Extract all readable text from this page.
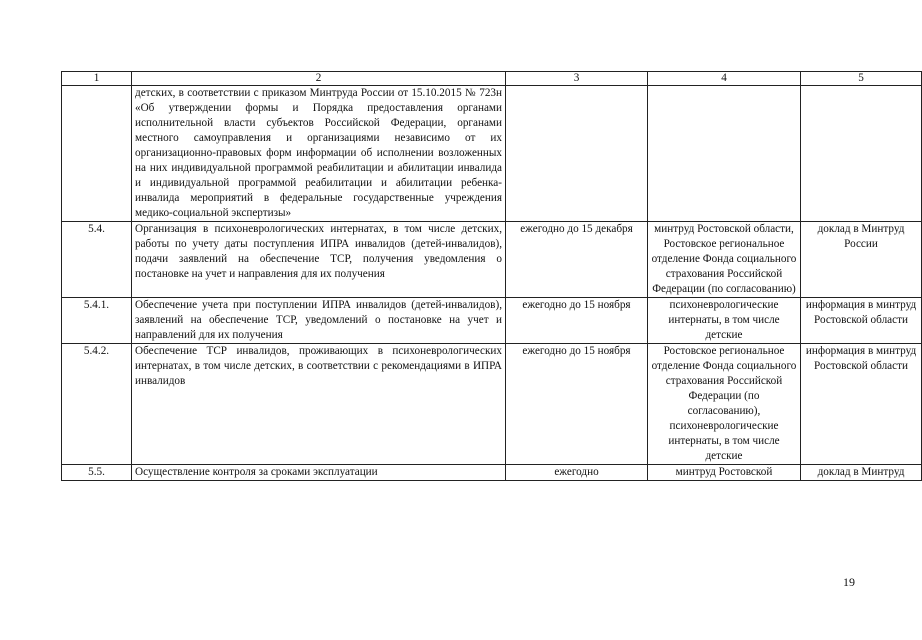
1	2	3	4	5
	детских, в соответствии с приказом Минтруда России от 15.10.2015 № 723н «Об утверждении формы и Порядка предоставления органами исполнительной власти субъектов Российской Федерации, органами местного самоуправления и организациями независимо от их организационно-правовых форм информации об исполнении возложенных на них индивидуальной программой реабилитации и абилитации инвалида и индивидуальной программой реабилитации и абилитации ребенка-инвалида мероприятий в федеральные государственные учреждения медико-социальной экспертизы»			
5.4.	Организация в психоневрологических интернатах, в том числе детских, работы по учету даты поступления ИПРА инвалидов (детей-инвалидов), подачи заявлений на обеспечение ТСР, получения уведомления о постановке на учет и направления для их получения	ежегодно до 15 декабря	минтруд Ростовской области, Ростовское региональное отделение Фонда социального страхования Российской Федерации (по согласованию)	доклад в Минтруд России
5.4.1.	Обеспечение учета при поступлении ИПРА инвалидов (детей-инвалидов), заявлений на обеспечение ТСР, уведомлений о постановке на учет и направлений для их получения	ежегодно до 15 ноября	психоневрологические интернаты, в том числе детские	информация в минтруд Ростовской области
5.4.2.	Обеспечение ТСР инвалидов, проживающих в психоневрологических интернатах, в том числе детских, в соответствии с рекомендациями в ИПРА инвалидов	ежегодно до 15 ноября	Ростовское региональное отделение Фонда социального страхования Российской Федерации (по согласованию), психоневрологические интернаты, в том числе детские	информация в минтруд Ростовской области
5.5.	Осуществление контроля за сроками эксплуатации	ежегодно	минтруд Ростовской	доклад в Минтруд
19
